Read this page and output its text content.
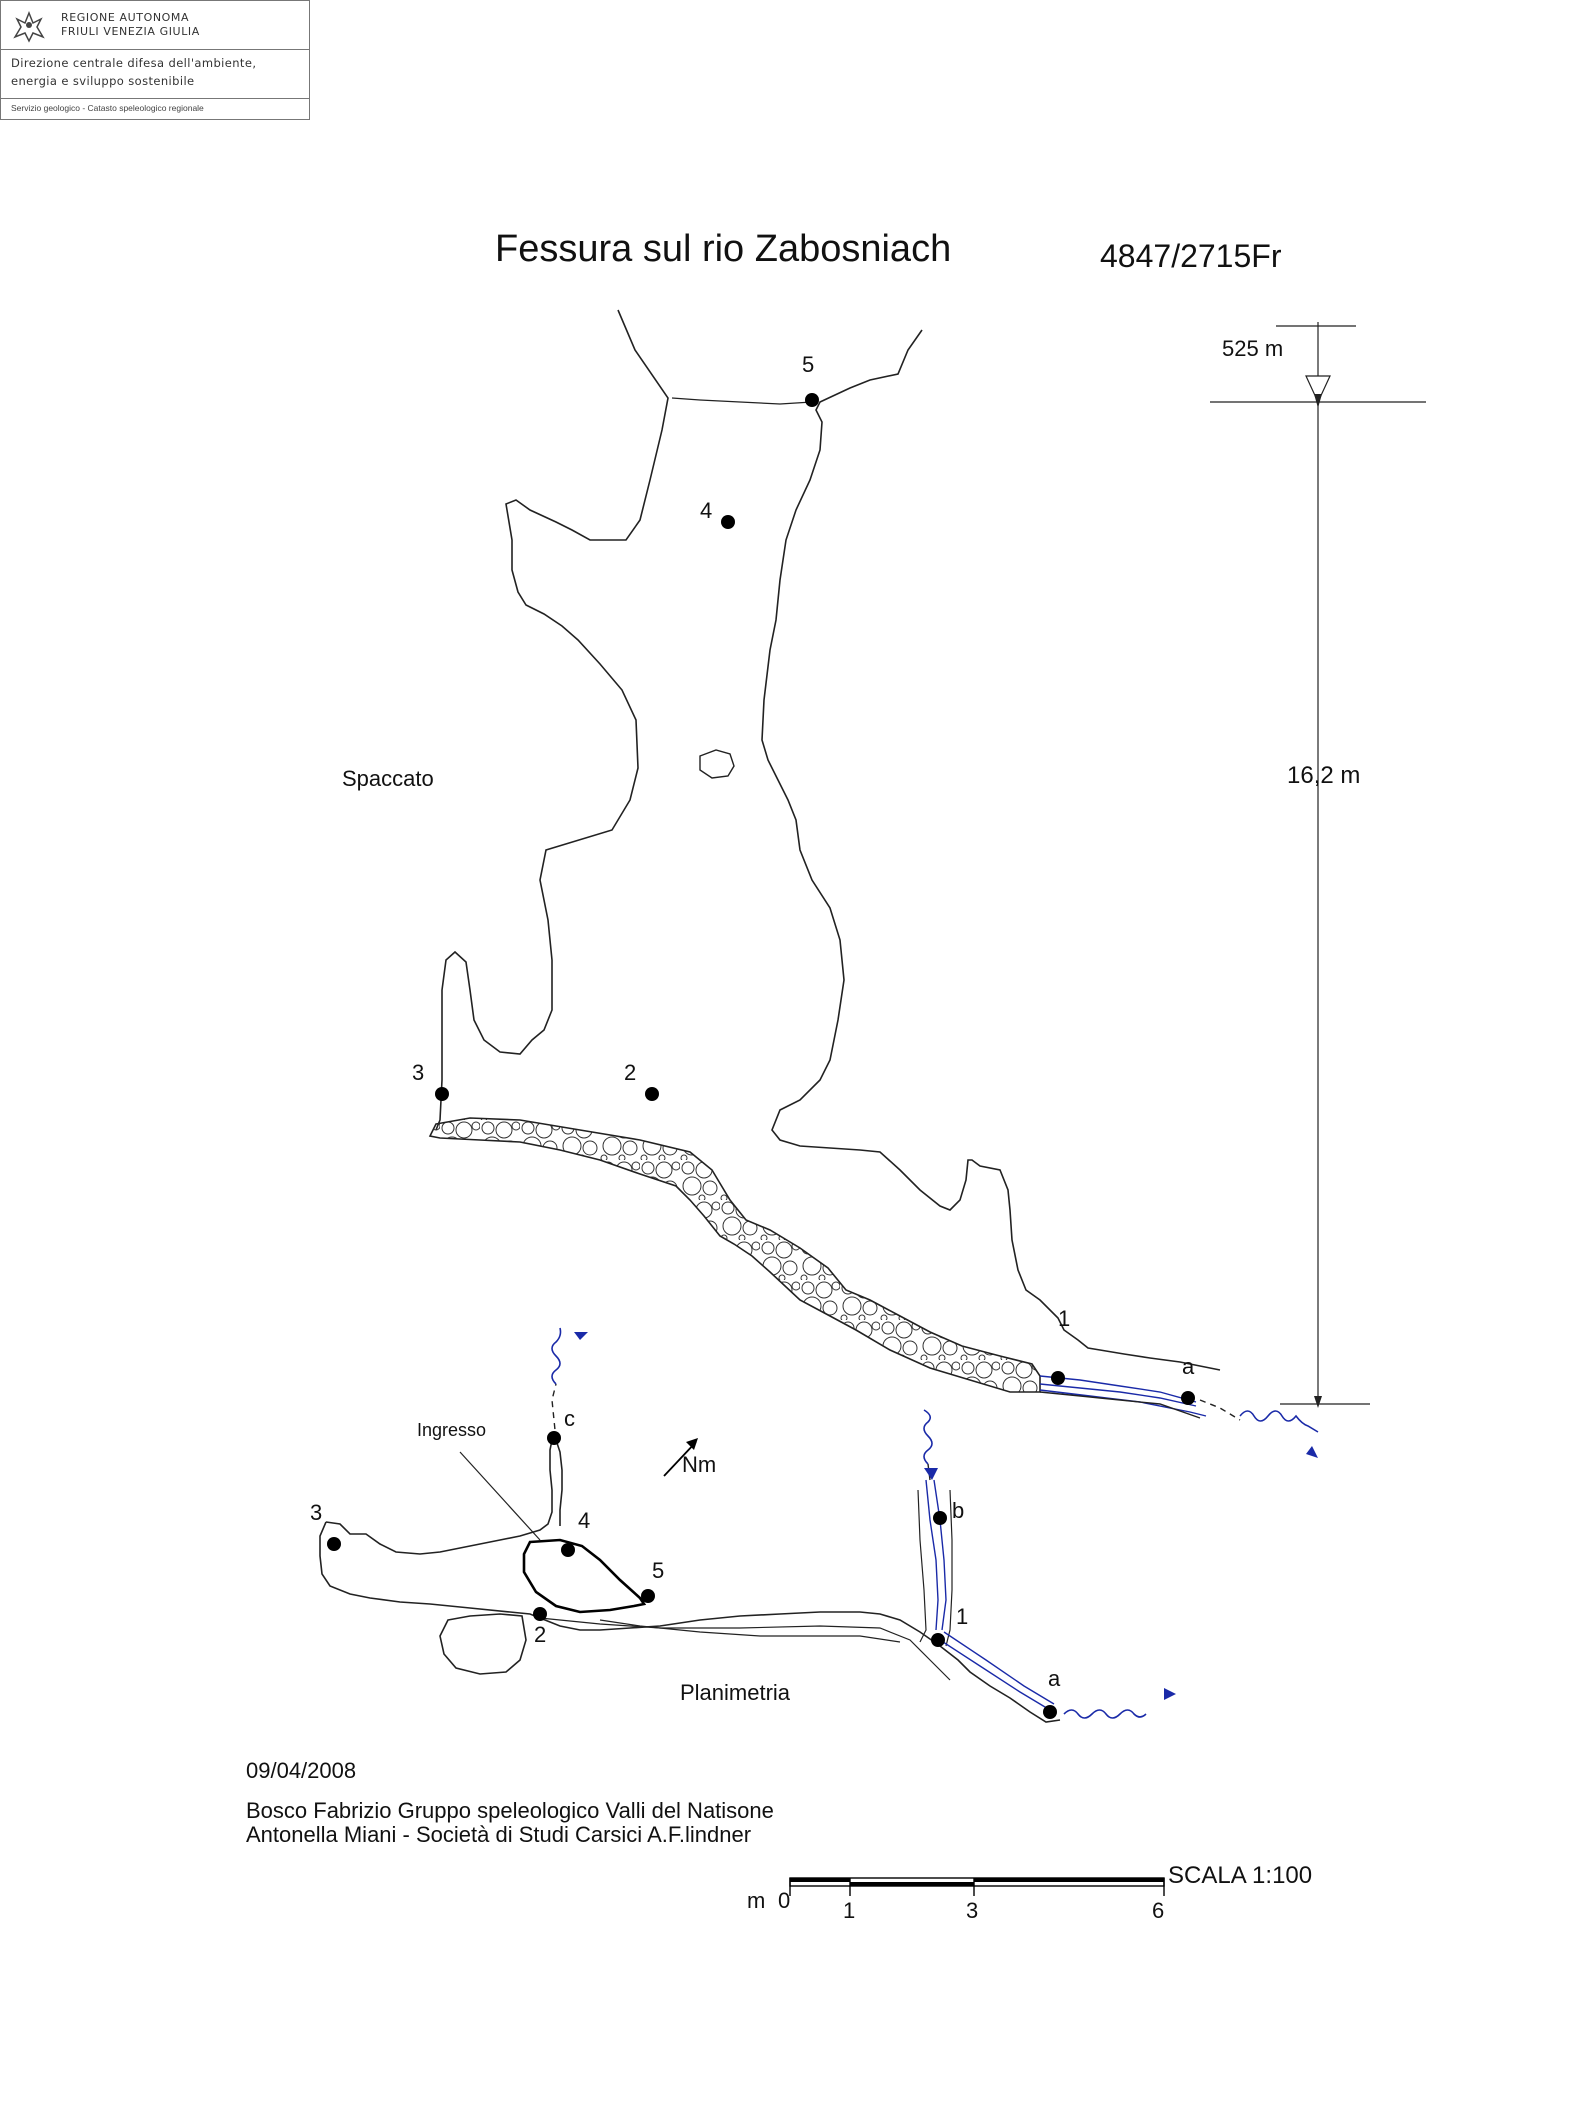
REGIONE AUTONOMA
FRIULI VENEZIA GIULIA
Direzione centrale difesa dell'ambiente,
energia e sviluppo sostenibile
Servizio geologico - Catasto speleologico regionale
Fessura sul rio Zabosniach	4847/2715Fr
525 m
16,2 m
Spaccato
Planimetria
Ingresso
Nm
5
4
3	2
1
a
3	4
5
2
1
a
b
c
09/04/2008
Bosco Fabrizio Gruppo speleologico Valli del Natisone
Antonella Miani - Società di Studi Carsici A.F.lindner
SCALA 1:100
m 0 1	3	6
